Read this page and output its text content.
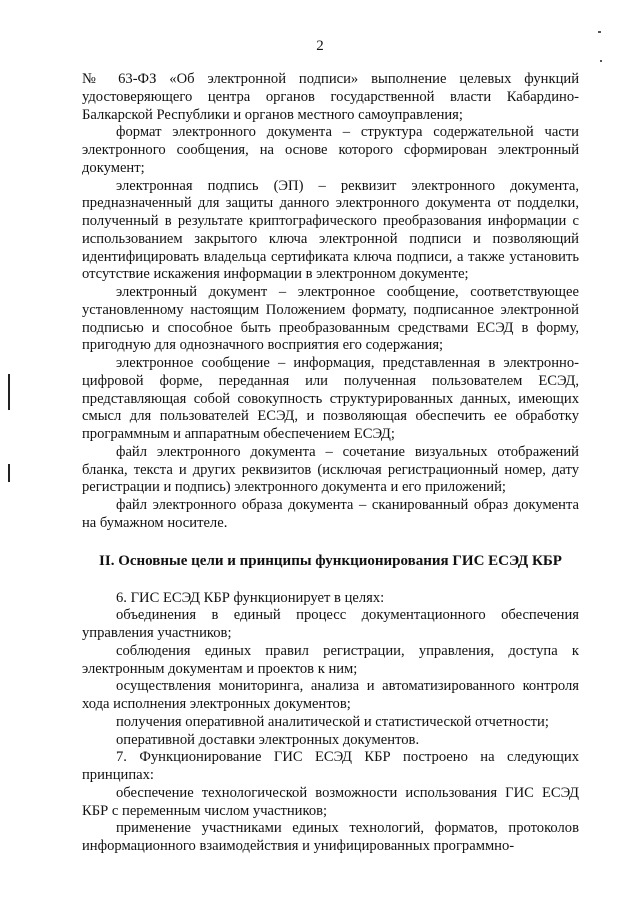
2

№ 63-ФЗ «Об электронной подписи» выполнение целевых функций удостоверяющего центра органов государственной власти Кабардино-Балкарской Республики и органов местного самоуправления;

формат электронного документа – структура содержательной части электронного сообщения, на основе которого сформирован электронный документ;

электронная подпись (ЭП) – реквизит электронного документа, предназначенный для защиты данного электронного документа от подделки, полученный в результате криптографического преобразования информации с использованием закрытого ключа электронной подписи и позволяющий идентифицировать владельца сертификата ключа подписи, а также установить отсутствие искажения информации в электронном документе;

электронный документ – электронное сообщение, соответствующее установленному настоящим Положением формату, подписанное электронной подписью и способное быть преобразованным средствами ЕСЭД в форму, пригодную для однозначного восприятия его содержания;

электронное сообщение – информация, представленная в электронно-цифровой форме, переданная или полученная пользователем ЕСЭД, представляющая собой совокупность структурированных данных, имеющих смысл для пользователей ЕСЭД, и позволяющая обеспечить ее обработку программным и аппаратным обеспечением ЕСЭД;

файл электронного документа – сочетание визуальных отображений бланка, текста и других реквизитов (исключая регистрационный номер, дату регистрации и подпись) электронного документа и его приложений;

файл электронного образа документа – сканированный образ документа на бумажном носителе.

II. Основные цели и принципы функционирования ГИС ЕСЭД КБР

6. ГИС ЕСЭД КБР функционирует в целях:

объединения в единый процесс документационного обеспечения управления участников;

соблюдения единых правил регистрации, управления, доступа к электронным документам и проектов к ним;

осуществления мониторинга, анализа и автоматизированного контроля хода исполнения электронных документов;

получения оперативной аналитической и статистической отчетности;

оперативной доставки электронных документов.

7. Функционирование ГИС ЕСЭД КБР построено на следующих принципах:

обеспечение технологической возможности использования ГИС ЕСЭД КБР с переменным числом участников;

применение участниками единых технологий, форматов, протоколов информационного взаимодействия и унифицированных программно-
